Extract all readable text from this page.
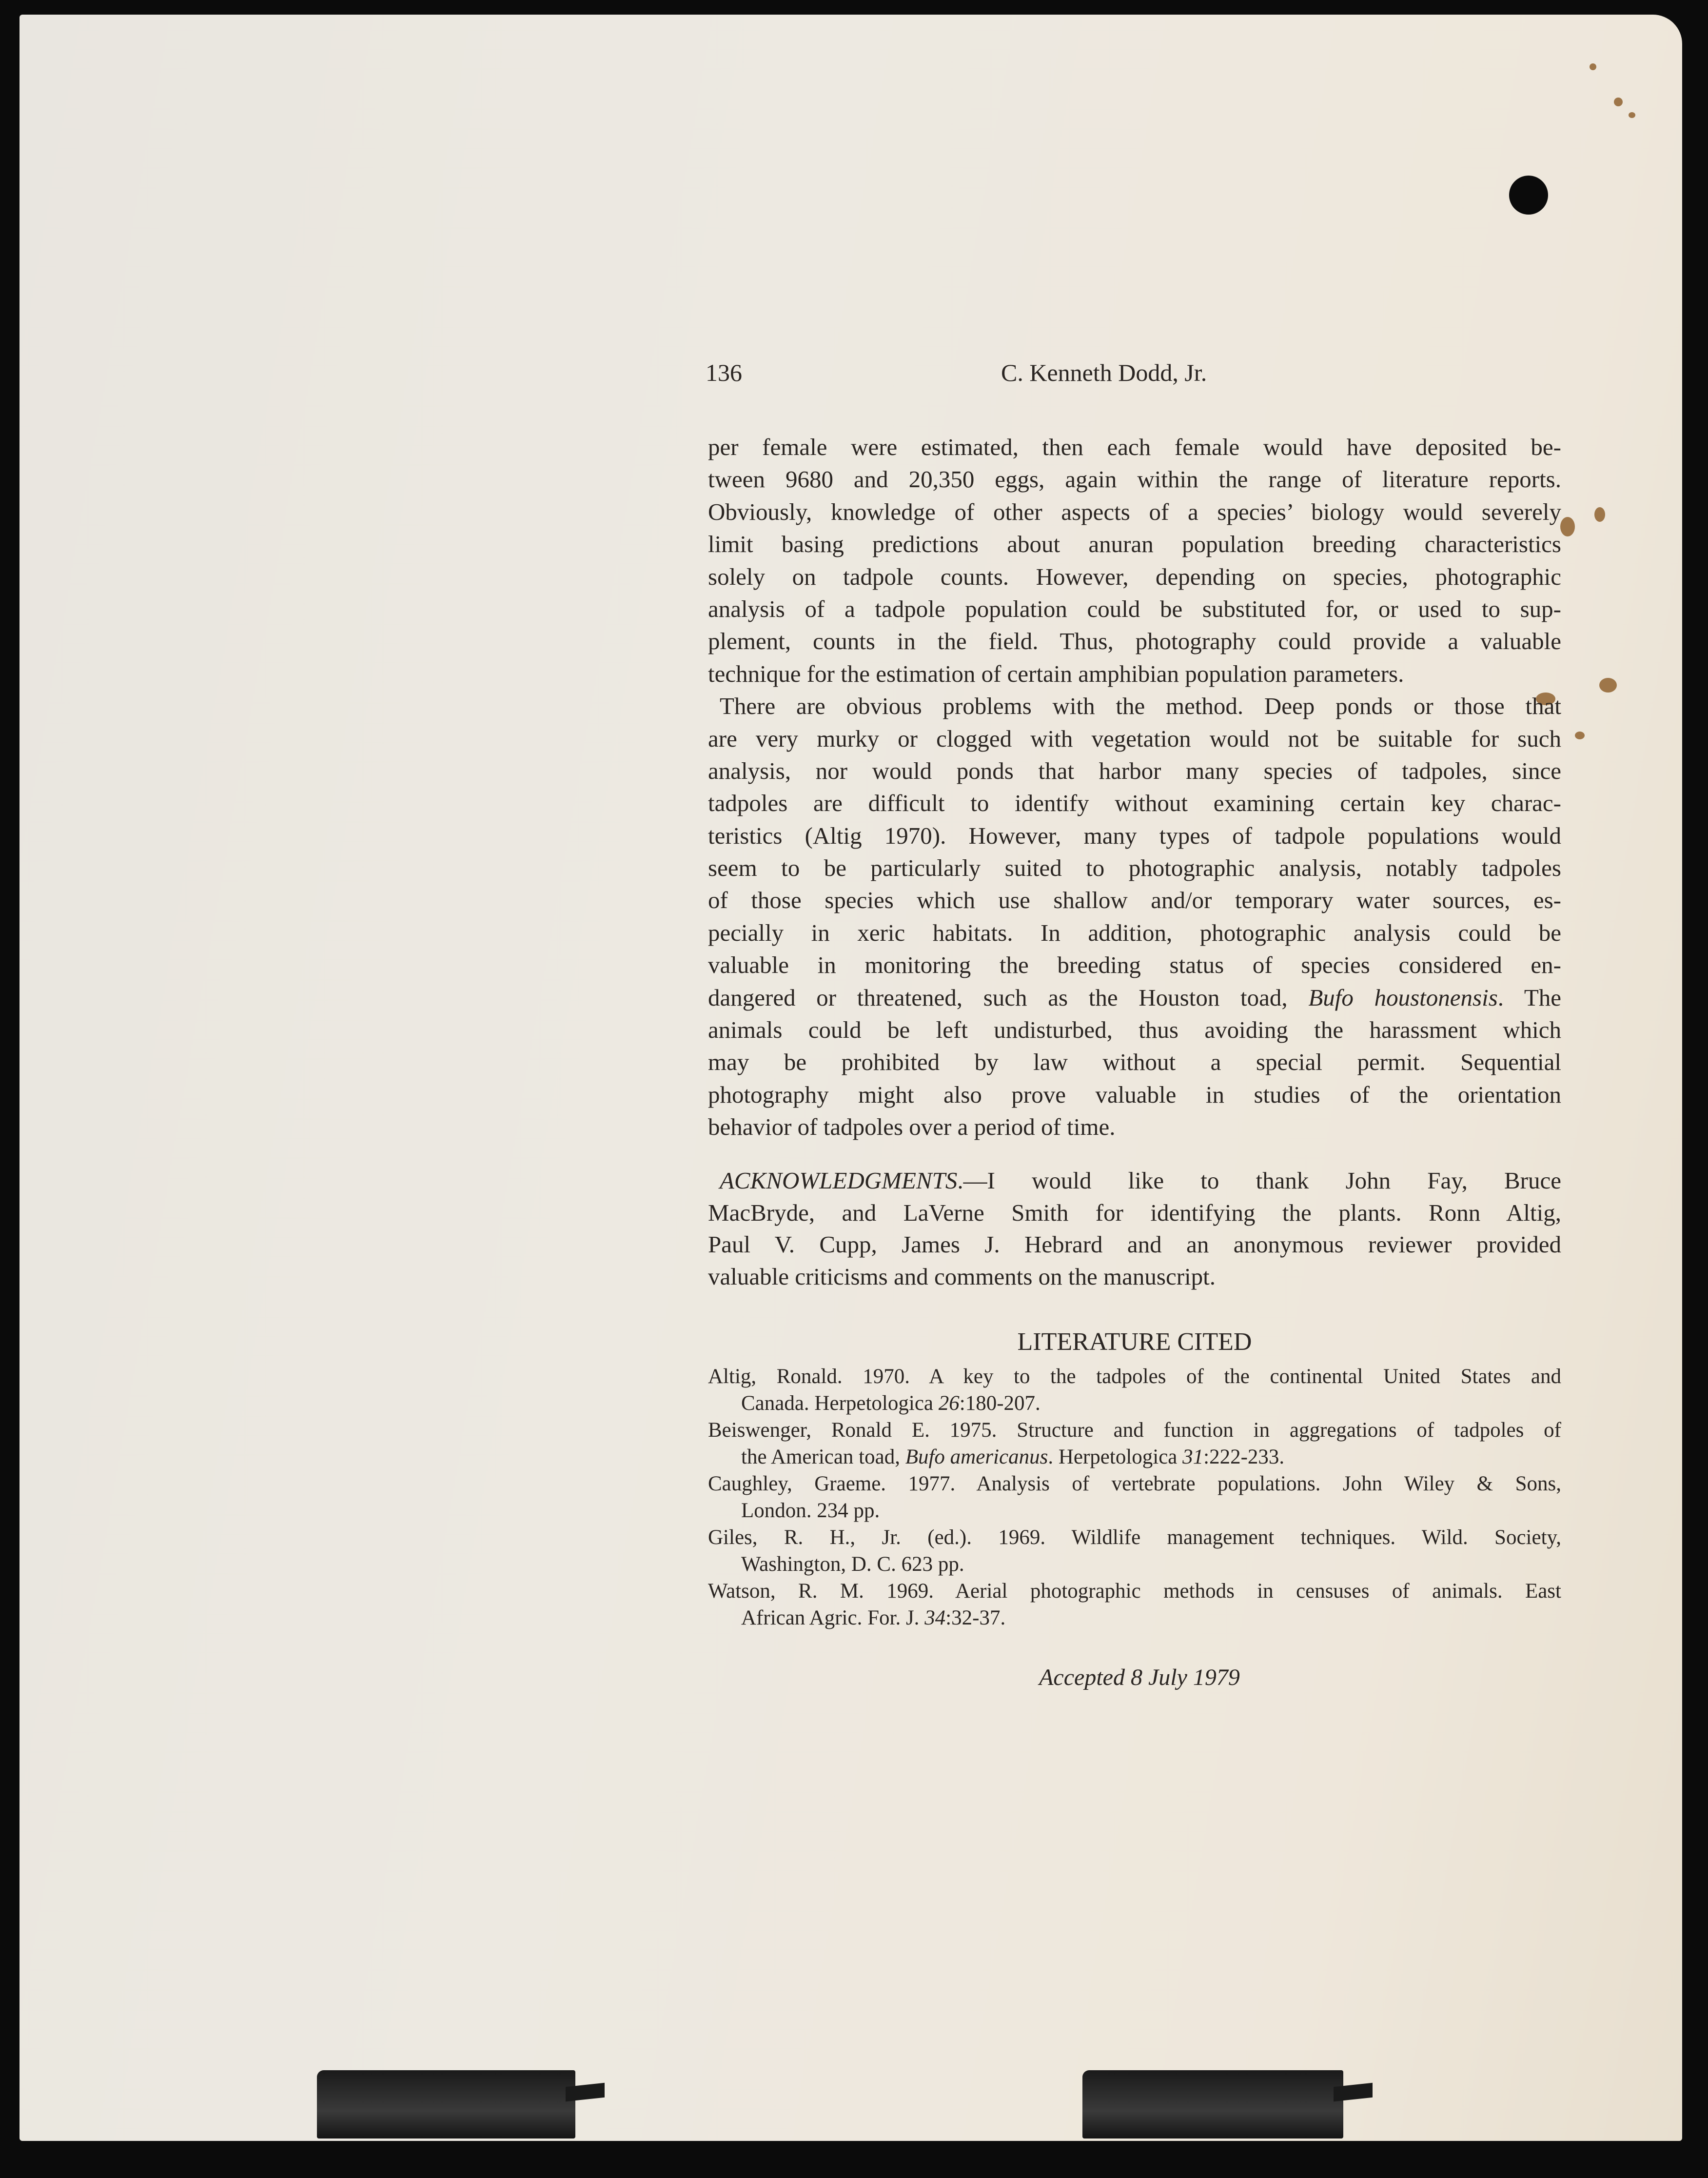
136	C. Kenneth Dodd, Jr.
per female were estimated, then each female would have deposited be-
tween 9680 and 20,350 eggs, again within the range of literature reports.
Obviously, knowledge of other aspects of a species’ biology would severely
limit basing predictions about anuran population breeding characteristics
solely on tadpole counts. However, depending on species, photographic
analysis of a tadpole population could be substituted for, or used to sup-
plement, counts in the field. Thus, photography could provide a valuable
technique for the estimation of certain amphibian population parameters.
There are obvious problems with the method. Deep ponds or those that
are very murky or clogged with vegetation would not be suitable for such
analysis, nor would ponds that harbor many species of tadpoles, since
tadpoles are difficult to identify without examining certain key charac-
teristics (Altig 1970). However, many types of tadpole populations would
seem to be particularly suited to photographic analysis, notably tadpoles
of those species which use shallow and/or temporary water sources, es-
pecially in xeric habitats. In addition, photographic analysis could be
valuable in monitoring the breeding status of species considered en-
dangered or threatened, such as the Houston toad, Bufo houstonensis. The
animals could be left undisturbed, thus avoiding the harassment which
may be prohibited by law without a special permit. Sequential
photography might also prove valuable in studies of the orientation
behavior of tadpoles over a period of time.
ACKNOWLEDGMENTS.—I would like to thank John Fay, Bruce
MacBryde, and LaVerne Smith for identifying the plants. Ronn Altig,
Paul V. Cupp, James J. Hebrard and an anonymous reviewer provided
valuable criticisms and comments on the manuscript.
LITERATURE CITED
Altig, Ronald. 1970. A key to the tadpoles of the continental United States and
Canada. Herpetologica 26:180-207.
Beiswenger, Ronald E. 1975. Structure and function in aggregations of tadpoles of
the American toad, Bufo americanus. Herpetologica 31:222-233.
Caughley, Graeme. 1977. Analysis of vertebrate populations. John Wiley & Sons,
London. 234 pp.
Giles, R. H., Jr. (ed.). 1969. Wildlife management techniques. Wild. Society,
Washington, D. C. 623 pp.
Watson, R. M. 1969. Aerial photographic methods in censuses of animals. East
African Agric. For. J. 34:32-37.
Accepted 8 July 1979
